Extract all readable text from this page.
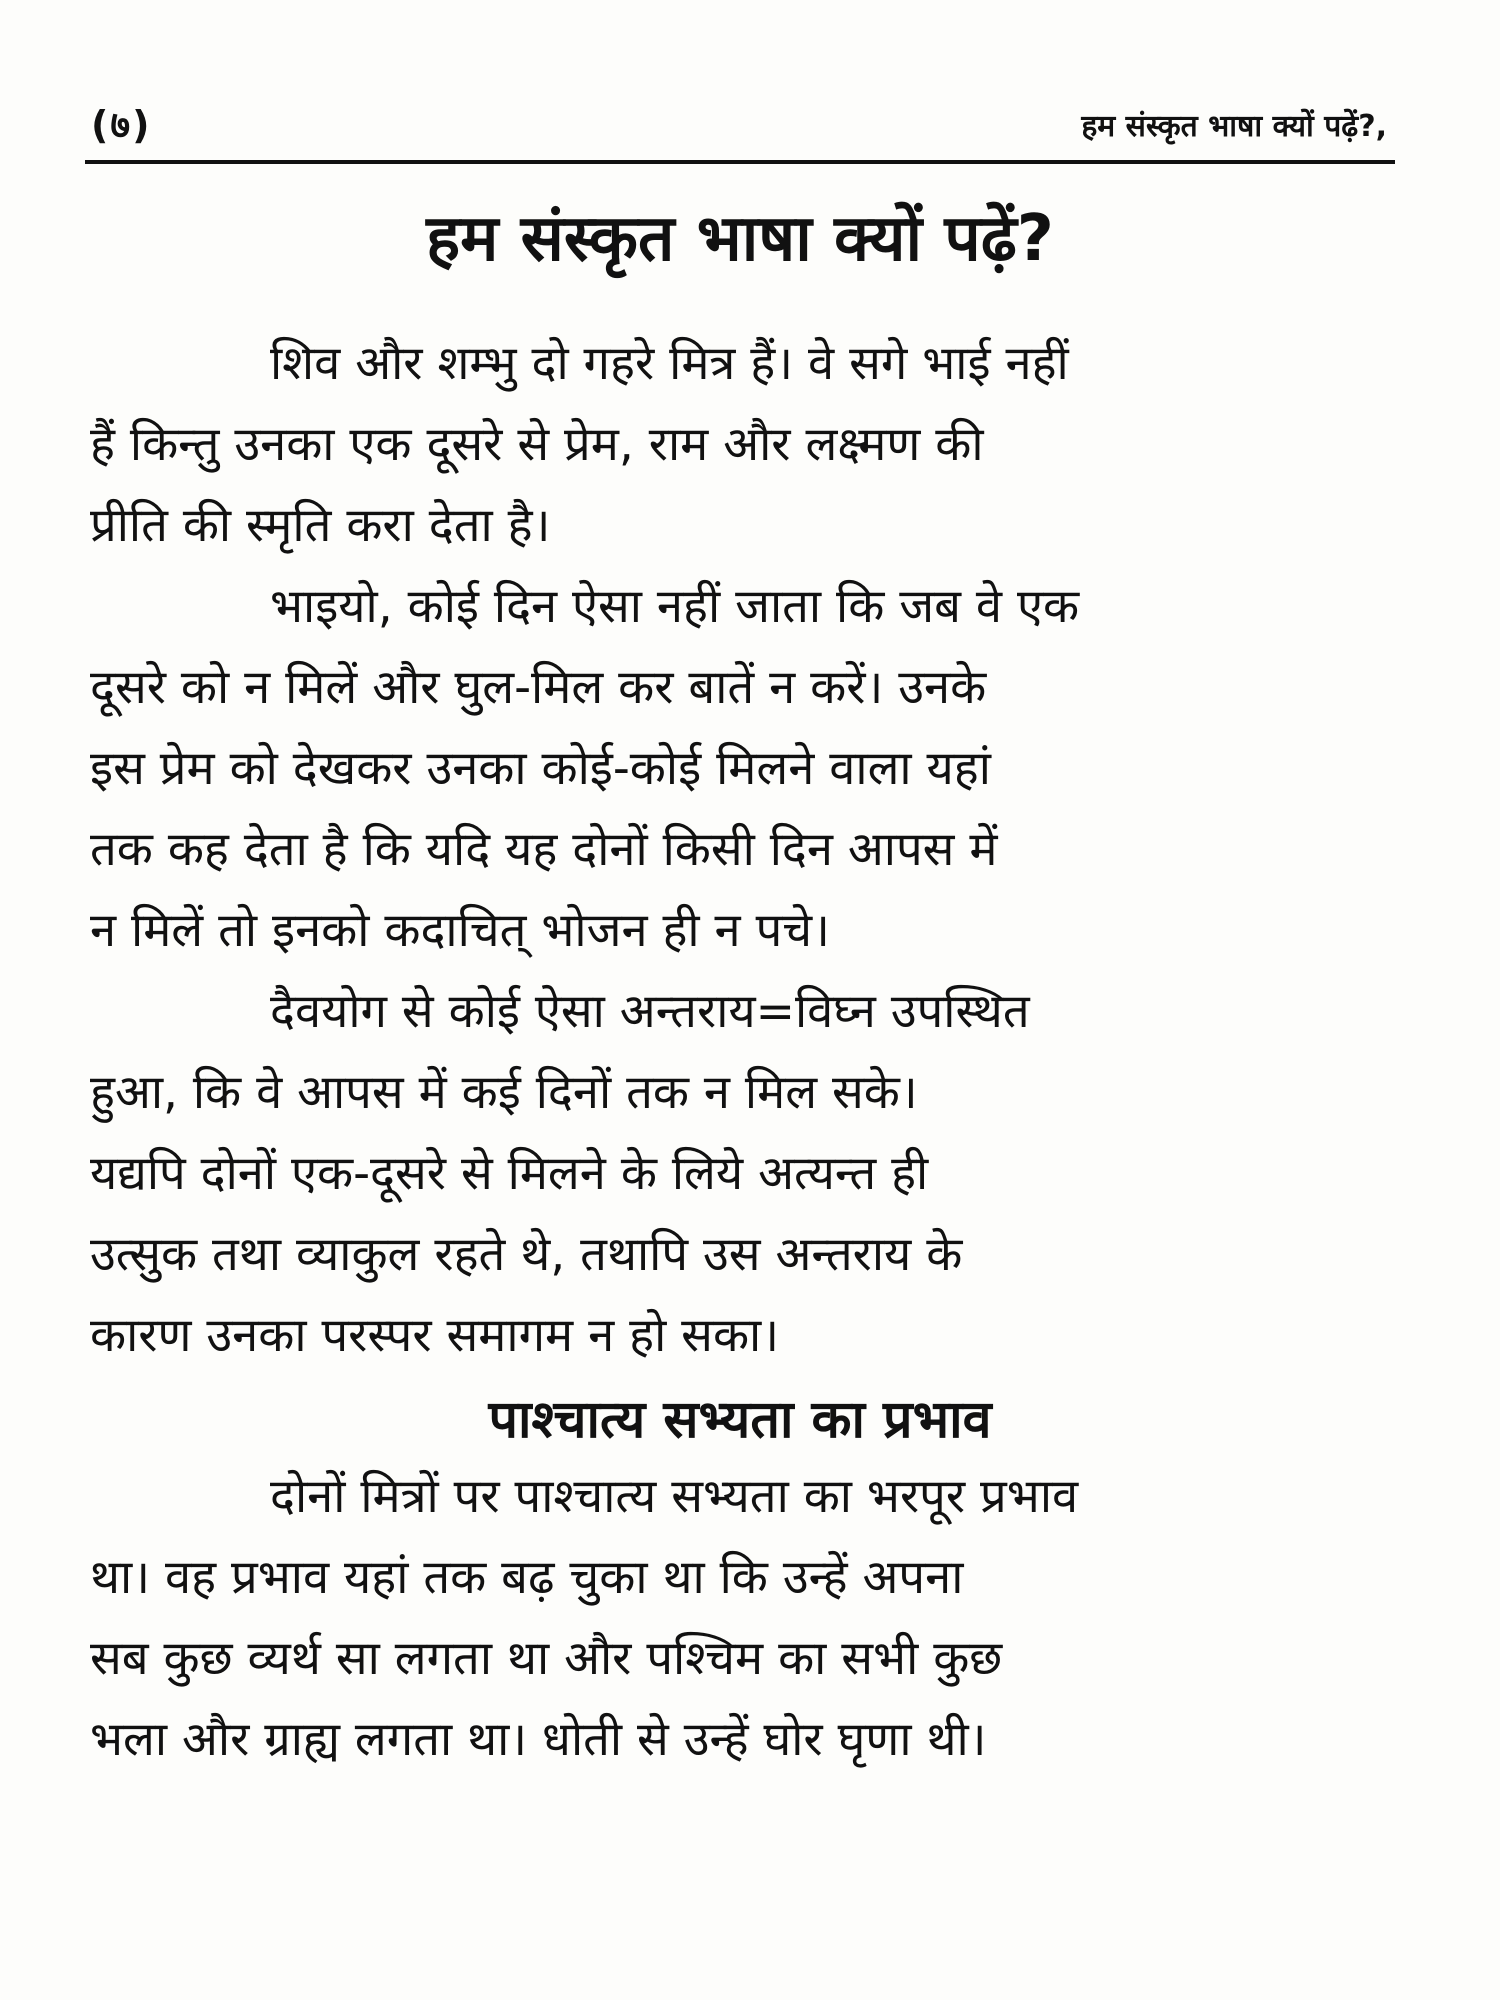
(७)	हम संस्कृत भाषा क्यों पढ़ें?,
हम संस्कृत भाषा क्यों पढ़ें?
शिव और शम्भु दो गहरे मित्र हैं। वे सगे भाई नहीं
हैं किन्तु उनका एक दूसरे से प्रेम, राम और लक्ष्मण की
प्रीति की स्मृति करा देता है।
भाइयो, कोई दिन ऐसा नहीं जाता कि जब वे एक
दूसरे को न मिलें और घुल-मिल कर बातें न करें। उनके
इस प्रेम को देखकर उनका कोई-कोई मिलने वाला यहां
तक कह देता है कि यदि यह दोनों किसी दिन आपस में
न मिलें तो इनको कदाचित् भोजन ही न पचे।
दैवयोग से कोई ऐसा अन्तराय=विघ्न उपस्थित
हुआ, कि वे आपस में कई दिनों तक न मिल सके।
यद्यपि दोनों एक-दूसरे से मिलने के लिये अत्यन्त ही
उत्सुक तथा व्याकुल रहते थे, तथापि उस अन्तराय के
कारण उनका परस्पर समागम न हो सका।
पाश्चात्य सभ्यता का प्रभाव
दोनों मित्रों पर पाश्चात्य सभ्यता का भरपूर प्रभाव
था। वह प्रभाव यहां तक बढ़ चुका था कि उन्हें अपना
सब कुछ व्यर्थ सा लगता था और पश्चिम का सभी कुछ
भला और ग्राह्य लगता था। धोती से उन्हें घोर घृणा थी।
